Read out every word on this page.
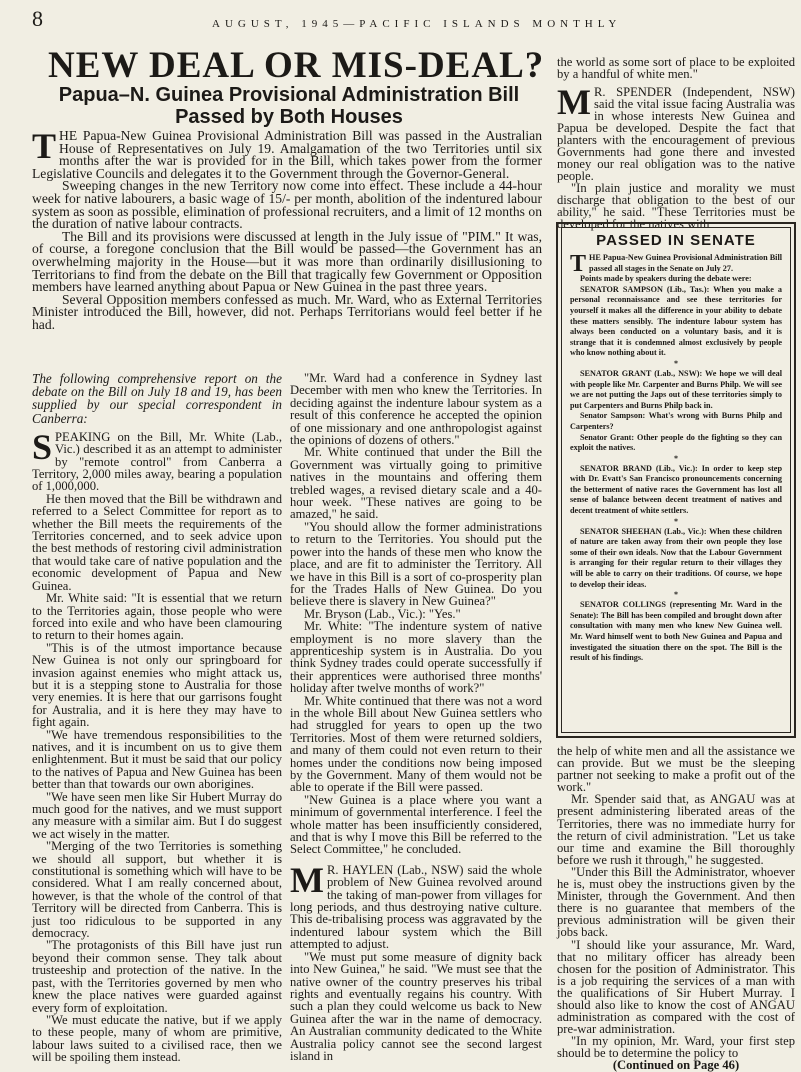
8	AUGUST, 1945—PACIFIC ISLANDS MONTHLY
NEW DEAL OR MIS-DEAL?
Papua–N. Guinea Provisional Administration Bill Passed by Both Houses

THE Papua-New Guinea Provisional Administration Bill was passed in the Australian House of Representatives on July 19. Amalgamation of the two Territories until six months after the war is provided for in the Bill, which takes power from the former Legislative Councils and delegates it to the Government through the Governor-General.

Sweeping changes in the new Territory now come into effect. These include a 44-hour week for native labourers, a basic wage of 15/- per month, abolition of the indentured labour system as soon as possible, elimination of professional recruiters, and a limit of 12 months on the duration of native labour contracts.

The Bill and its provisions were discussed at length in the July issue of "PIM." It was, of course, a foregone conclusion that the Bill would be passed—the Government has an overwhelming majority in the House—but it was more than ordinarily disillusioning to Territorians to find from the debate on the Bill that tragically few Government or Opposition members have learned anything about Papua or New Guinea in the past three years.

Several Opposition members confessed as much. Mr. Ward, who as External Territories Minister introduced the Bill, however, did not. Perhaps Territorians would feel better if he had.

The following comprehensive report on the debate on the Bill on July 18 and 19, has been supplied by our special correspondent in Canberra:

SPEAKING on the Bill, Mr. White (Lab., Vic.) described it as an attempt to administer by "remote control" from Canberra a Territory, 2,000 miles away, bearing a population of 1,000,000.

He then moved that the Bill be withdrawn and referred to a Select Committee for report as to whether the Bill meets the requirements of the Territories concerned, and to seek advice upon the best methods of restoring civil administration that would take care of native population and the economic development of Papua and New Guinea.

Mr. White said: "It is essential that we return to the Territories again, those people who were forced into exile and who have been clamouring to return to their homes again.

"This is of the utmost importance because New Guinea is not only our springboard for invasion against enemies who might attack us, but it is a stepping stone to Australia for those very enemies. It is here that our garrisons fought for Australia, and it is here they may have to fight again.

"We have tremendous responsibilities to the natives, and it is incumbent on us to give them enlightenment. But it must be said that our policy to the natives of Papua and New Guinea has been better than that towards our own aborigines.

"We have seen men like Sir Hubert Murray do much good for the natives, and we must support any measure with a similar aim. But I do suggest we act wisely in the matter.

"Merging of the two Territories is something we should all support, but whether it is constitutional is something which will have to be considered. What I am really concerned about, however, is that the whole of the control of that Territory will be directed from Canberra. This is just too ridiculous to be supported in any democracy.

"The protagonists of this Bill have just run beyond their common sense. They talk about trusteeship and protection of the native. In the past, with the Territories governed by men who knew the place natives were guarded against every form of exploitation.

"We must educate the native, but if we apply to these people, many of whom are primitive, labour laws suited to a civilised race, then we will be spoiling them instead.

"Mr. Ward had a conference in Sydney last December with men who knew the Territories. In deciding against the indenture labour system as a result of this conference he accepted the opinion of one missionary and one anthropologist against the opinions of dozens of others."

Mr. White continued that under the Bill the Government was virtually going to primitive natives in the mountains and offering them trebled wages, a revised dietary scale and a 40-hour week. "These natives are going to be amazed," he said.

"You should allow the former administrations to return to the Territories. You should put the power into the hands of these men who know the place, and are fit to administer the Territory. All we have in this Bill is a sort of co-prosperity plan for the Trades Halls of New Guinea. Do you believe there is slavery in New Guinea?"

Mr. Bryson (Lab., Vic.): "Yes."

Mr. White: "The indenture system of native employment is no more slavery than the apprenticeship system is in Australia. Do you think Sydney trades could operate successfully if their apprentices were authorised three months' holiday after twelve months of work?"

Mr. White continued that there was not a word in the whole Bill about New Guinea settlers who had struggled for years to open up the two Territories. Most of them were returned soldiers, and many of them could not even return to their homes under the conditions now being imposed by the Government. Many of them would not be able to operate if the Bill were passed.

"New Guinea is a place where you want a minimum of governmental interference. I feel the whole matter has been insufficiently considered, and that is why I move this Bill be referred to the Select Committee," he concluded.

M R. HAYLEN (Lab., NSW) said the whole problem of New Guinea revolved around the taking of man-power from villages for long periods, and thus destroying native culture. This de-tribalising process was aggravated by the indentured labour system which the Bill attempted to adjust.

"We must put some measure of dignity back into New Guinea," he said. "We must see that the native owner of the country preserves his tribal rights and eventually regains his country. With such a plan they could welcome us back to New Guinea after the war in the name of democracy. An Australian community dedicated to the White Australia policy cannot see the second largest island in

the world as some sort of place to be exploited by a handful of white men."

M R. SPENDER (Independent, NSW) said the vital issue facing Australia was in whose interests New Guinea and Papua be developed. Despite the fact that planters with the encouragement of previous Governments had gone there and invested money our real obligation was to the native people.

"In plain justice and morality we must discharge that obligation to the best of our ability," he said. "These Territories must be developed for the natives with

PASSED IN SENATE

THE Papua-New Guinea Provisional Administration Bill passed all stages in the Senate on July 27.

Points made by speakers during the debate were:

SENATOR SAMPSON (Lib., Tas.): When you make a personal reconnaissance and see these territories for yourself it makes all the difference in your ability to debate these matters sensibly. The indenture labour system has always been conducted on a voluntary basis, and it is strange that it is condemned almost exclusively by people who know nothing about it.

*

SENATOR GRANT (Lab., NSW): We hope we will deal with people like Mr. Carpenter and Burns Philp. We will see we are not putting the Japs out of these territories simply to put Carpenters and Burns Philp back in.

Senator Sampson: What's wrong with Burns Philp and Carpenters?

Senator Grant: Other people do the fighting so they can exploit the natives.

*

SENATOR BRAND (Lib., Vic.): In order to keep step with Dr. Evatt's San Francisco pronouncements concerning the betterment of native races the Government has lost all sense of balance between decent treatment of natives and decent treatment of white settlers.

*

SENATOR SHEEHAN (Lab., Vic.): When these children of nature are taken away from their own people they lose some of their own ideals. Now that the Labour Government is arranging for their regular return to their villages they will be able to carry on their traditions. Of course, we hope to develop their ideas.

*

SENATOR COLLINGS (representing Mr. Ward in the Senate): The Bill has been compiled and brought down after consultation with many men who knew New Guinea well. Mr. Ward himself went to both New Guinea and Papua and investigated the situation there on the spot. The Bill is the result of his findings.

the help of white men and all the assistance we can provide. But we must be the sleeping partner not seeking to make a profit out of the work."

Mr. Spender said that, as ANGAU was at present administering liberated areas of the Territories, there was no immediate hurry for the return of civil administration. "Let us take our time and examine the Bill thoroughly before we rush it through," he suggested.

"Under this Bill the Administrator, whoever he is, must obey the instructions given by the Minister, through the Government. And then there is no guarantee that members of the previous administration will be given their jobs back.

"I should like your assurance, Mr. Ward, that no military officer has already been chosen for the position of Administrator. This is a job requiring the services of a man with the qualifications of Sir Hubert Murray. I should also like to know the cost of ANGAU administration as compared with the cost of pre-war administration.

"In my opinion, Mr. Ward, your first step should be to determine the policy to

(Continued on Page 46)
